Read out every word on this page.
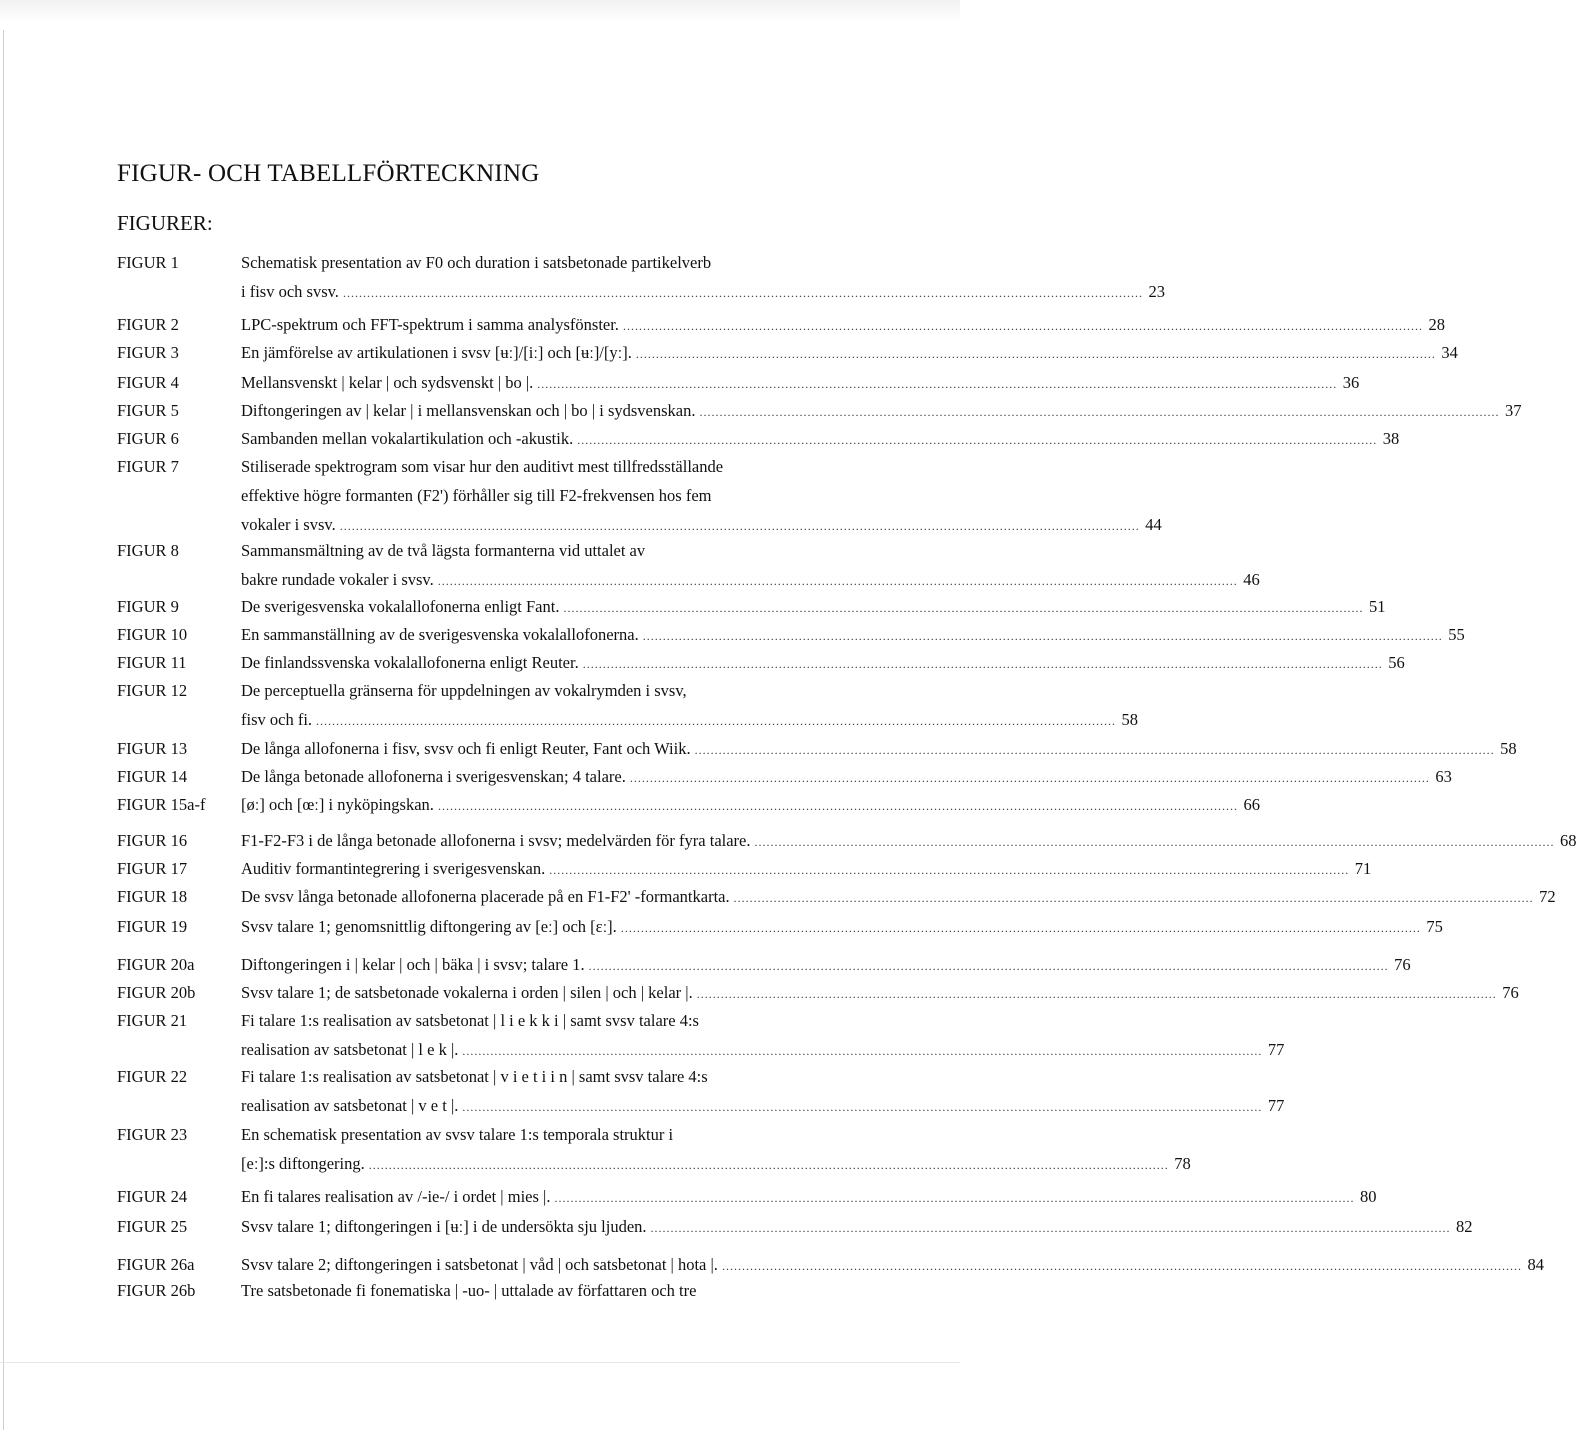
FIGUR- OCH TABELLFÖRTECKNING
FIGURER:
FIGUR 1	Schematisk presentation av F0 och duration i satsbetonade partikelverb
i fisv och svsv. ........................................................................................................................................................................................................ 23
FIGUR 2	LPC-spektrum och FFT-spektrum i samma analysfönster. ........................................................................................................................................................................................................ 28
FIGUR 3	En jämförelse av artikulationen i svsv [ʉː]/[iː] och [ʉː]/[yː]. ........................................................................................................................................................................................................ 34
FIGUR 4	Mellansvenskt | kelar | och sydsvenskt | bo |. ........................................................................................................................................................................................................ 36
FIGUR 5	Diftongeringen av | kelar | i mellansvenskan och | bo | i sydsvenskan. ........................................................................................................................................................................................................ 37
FIGUR 6	Sambanden mellan vokalartikulation och -akustik. ........................................................................................................................................................................................................ 38
FIGUR 7	Stiliserade spektrogram som visar hur den auditivt mest tillfredsställande
effektive högre formanten (F2') förhåller sig till F2-frekvensen hos fem
vokaler i svsv. ........................................................................................................................................................................................................ 44
FIGUR 8	Sammansmältning av de två lägsta formanterna vid uttalet av
bakre rundade vokaler i svsv. ........................................................................................................................................................................................................ 46
FIGUR 9	De sverigesvenska vokalallofonerna enligt Fant. ........................................................................................................................................................................................................ 51
FIGUR 10	En sammanställning av de sverigesvenska vokalallofonerna. ........................................................................................................................................................................................................ 55
FIGUR 11	De finlandssvenska vokalallofonerna enligt Reuter. ........................................................................................................................................................................................................ 56
FIGUR 12	De perceptuella gränserna för uppdelningen av vokalrymden i svsv,
fisv och fi. ........................................................................................................................................................................................................ 58
FIGUR 13	De långa allofonerna i fisv, svsv och fi enligt Reuter, Fant och Wiik. ........................................................................................................................................................................................................ 58
FIGUR 14	De långa betonade allofonerna i sverigesvenskan; 4 talare. ........................................................................................................................................................................................................ 63
FIGUR 15a-f [øː] och [œː] i nyköpingskan. ........................................................................................................................................................................................................ 66
FIGUR 16	F1-F2-F3 i de långa betonade allofonerna i svsv; medelvärden för fyra talare. ........................................................................................................................................................................................................ 68
FIGUR 17	Auditiv formantintegrering i sverigesvenskan. ........................................................................................................................................................................................................ 71
FIGUR 18	De svsv långa betonade allofonerna placerade på en F1-F2' -formantkarta. ........................................................................................................................................................................................................ 72
FIGUR 19	Svsv talare 1; genomsnittlig diftongering av [eː] och [ɛː]. ........................................................................................................................................................................................................ 75
FIGUR 20a	Diftongeringen i | kelar | och | bäka | i svsv; talare 1. ........................................................................................................................................................................................................ 76
FIGUR 20b	Svsv talare 1; de satsbetonade vokalerna i orden | silen | och | kelar |. ........................................................................................................................................................................................................ 76
FIGUR 21	Fi talare 1:s realisation av satsbetonat | l i e k k i | samt svsv talare 4:s
realisation av satsbetonat | l e k |. ........................................................................................................................................................................................................ 77
FIGUR 22	Fi talare 1:s realisation av satsbetonat | v i e t i i n | samt svsv talare 4:s
realisation av satsbetonat | v e t |. ........................................................................................................................................................................................................ 77
FIGUR 23	En schematisk presentation av svsv talare 1:s temporala struktur i
[eː]:s diftongering. ........................................................................................................................................................................................................ 78
FIGUR 24	En fi talares realisation av /-ie-/ i ordet | mies |. ........................................................................................................................................................................................................ 80
FIGUR 25	Svsv talare 1; diftongeringen i [ʉː] i de undersökta sju ljuden. ........................................................................................................................................................................................................ 82
FIGUR 26a	Svsv talare 2; diftongeringen i satsbetonat | våd | och satsbetonat | hota |. ........................................................................................................................................................................................................ 84
FIGUR 26b	Tre satsbetonade fi fonematiska | -uo- | uttalade av författaren och tre
